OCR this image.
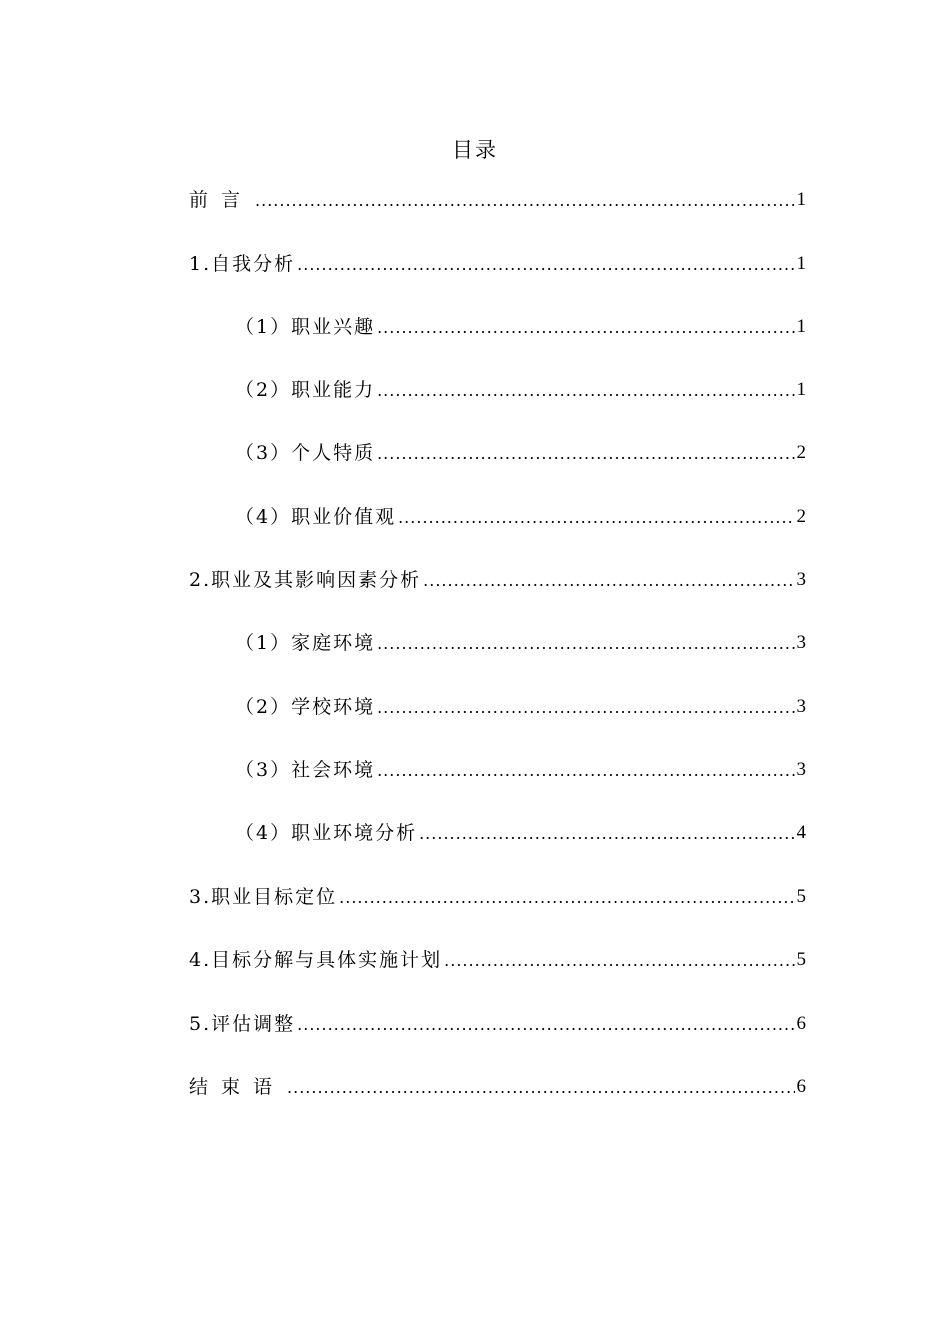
目录
前言 .....	1
1.自我分析 .....	1
（1）职业兴趣 .....	1
（2）职业能力 .....	1
（3）个人特质 .....	2
（4）职业价值观 .....	2
2.职业及其影响因素分析 .....	3
（1）家庭环境 .....	3
（2）学校环境 .....	3
（3）社会环境 .....	3
（4）职业环境分析 .....	4
3.职业目标定位 .....	5
4.目标分解与具体实施计划 .....	5
5.评估调整 .....	6
结束语 .....	6
